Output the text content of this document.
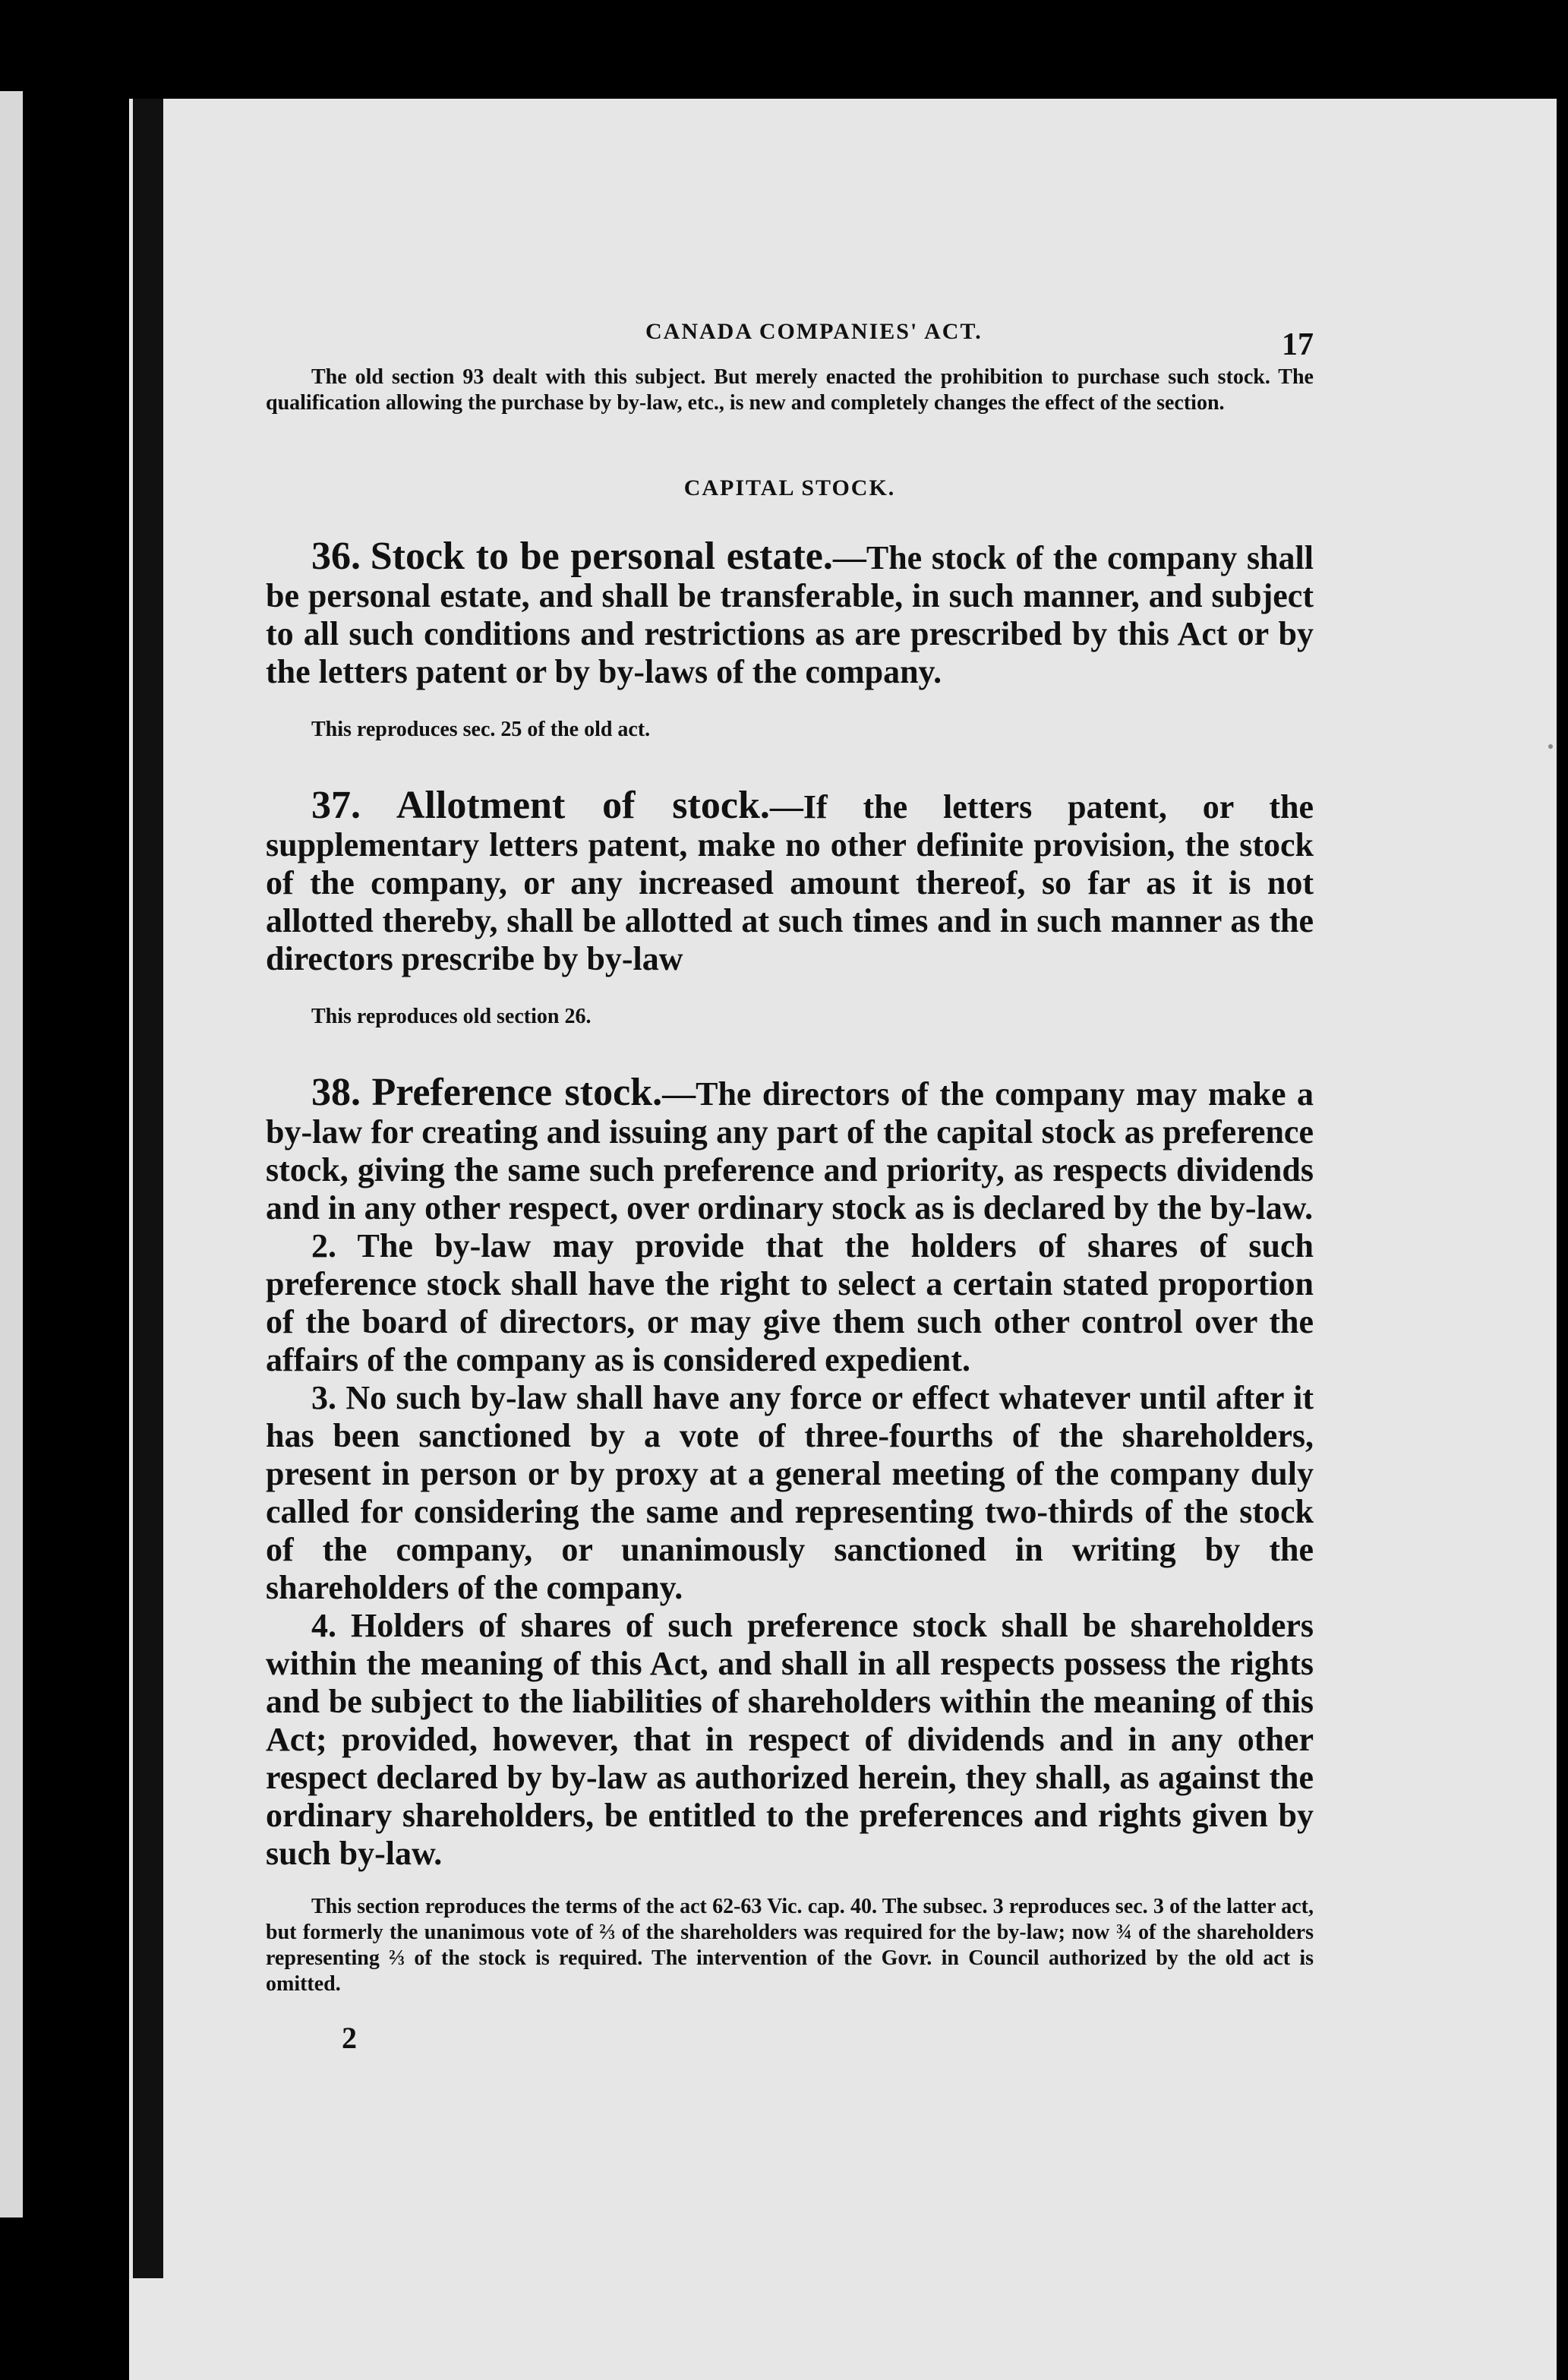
CANADA COMPANIES' ACT.	17

The old section 93 dealt with this subject. But merely enacted the prohibition to purchase such stock. The qualification allowing the purchase by by-law, etc., is new and completely changes the effect of the section.

CAPITAL STOCK.

36. Stock to be personal estate.—The stock of the company shall be personal estate, and shall be transferable, in such manner, and subject to all such conditions and restrictions as are prescribed by this Act or by the letters patent or by by-laws of the company.

This reproduces sec. 25 of the old act.

37. Allotment of stock.—If the letters patent, or the supplementary letters patent, make no other definite provision, the stock of the company, or any increased amount thereof, so far as it is not allotted thereby, shall be allotted at such times and in such manner as the directors prescribe by by-law

This reproduces old section 26.

38. Preference stock.—The directors of the company may make a by-law for creating and issuing any part of the capital stock as preference stock, giving the same such preference and priority, as respects dividends and in any other respect, over ordinary stock as is declared by the by-law.

2. The by-law may provide that the holders of shares of such preference stock shall have the right to select a certain stated proportion of the board of directors, or may give them such other control over the affairs of the company as is considered expedient.

3. No such by-law shall have any force or effect whatever until after it has been sanctioned by a vote of three-fourths of the shareholders, present in person or by proxy at a general meeting of the company duly called for considering the same and representing two-thirds of the stock of the company, or unanimously sanctioned in writing by the shareholders of the company.

4. Holders of shares of such preference stock shall be shareholders within the meaning of this Act, and shall in all respects possess the rights and be subject to the liabilities of shareholders within the meaning of this Act; provided, however, that in respect of dividends and in any other respect declared by by-law as authorized herein, they shall, as against the ordinary shareholders, be entitled to the preferences and rights given by such by-law.

This section reproduces the terms of the act 62-63 Vic. cap. 40. The subsec. 3 reproduces sec. 3 of the latter act, but formerly the unanimous vote of ⅔ of the shareholders was required for the by-law; now ¾ of the shareholders representing ⅔ of the stock is required. The intervention of the Govr. in Council authorized by the old act is omitted.

2
